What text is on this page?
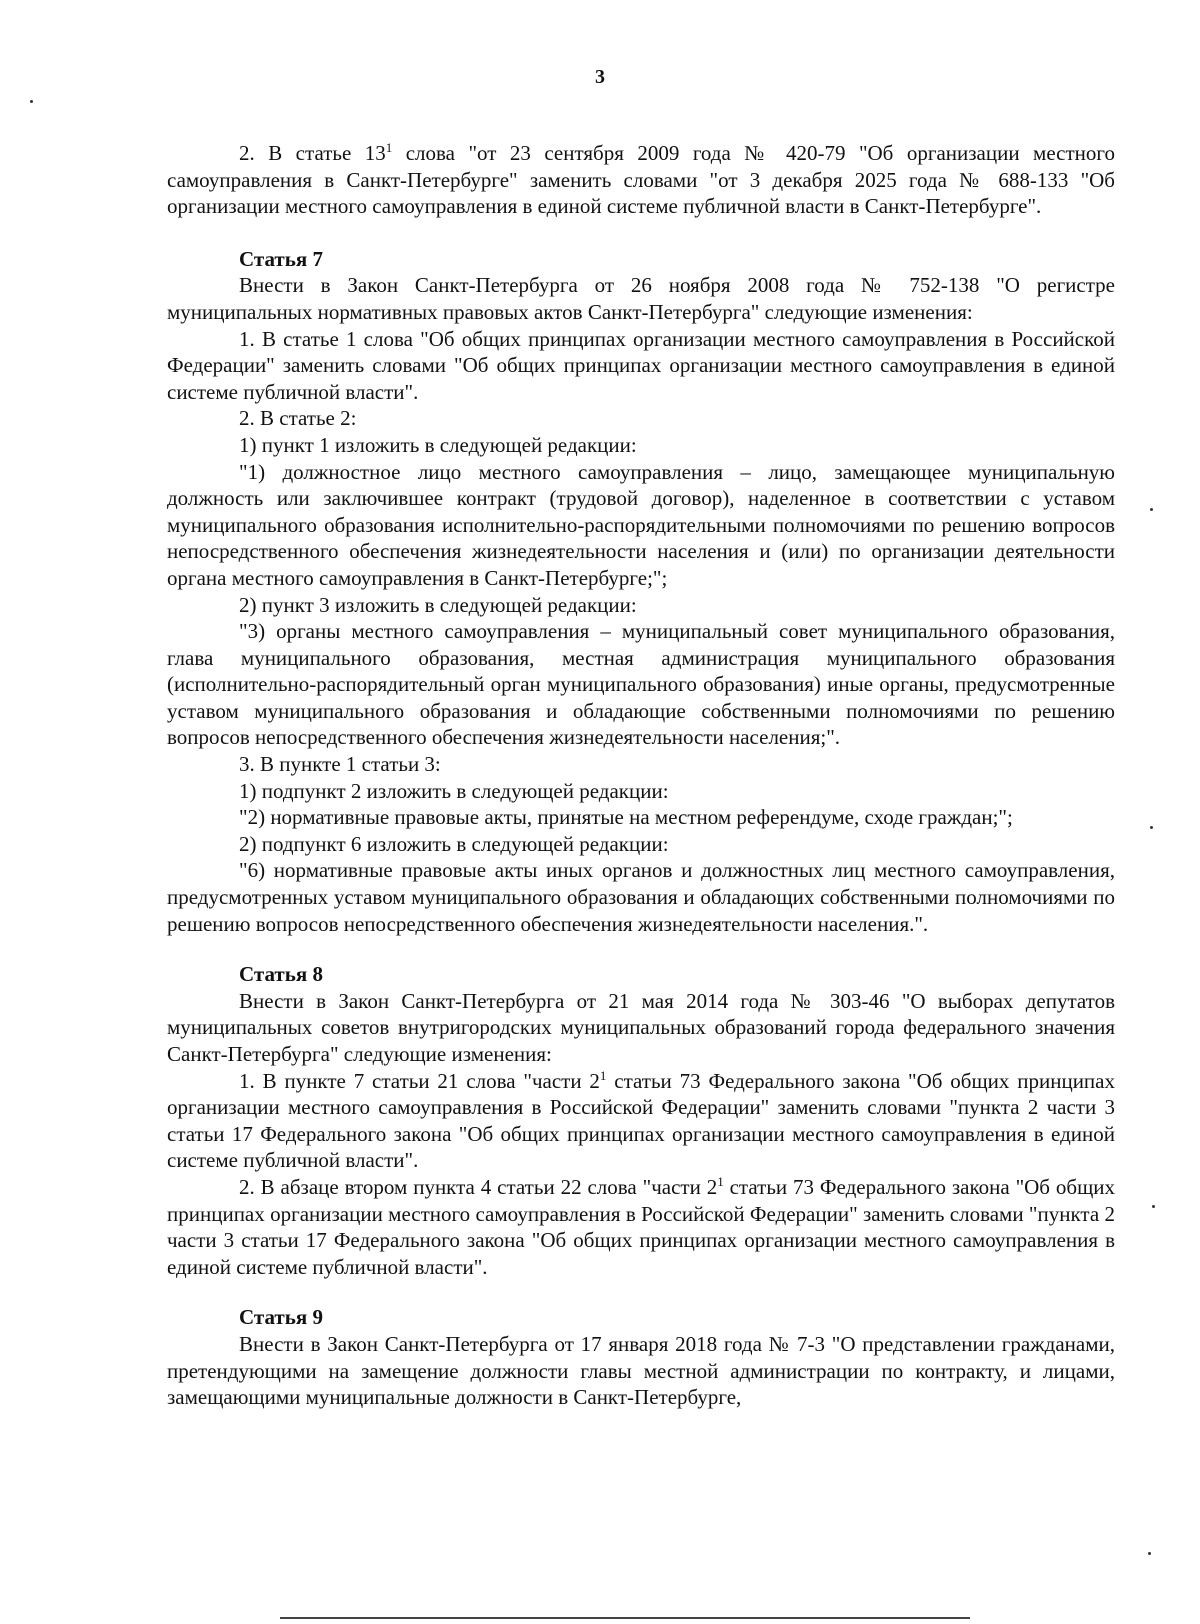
3

2. В статье $13^1$ слова "от 23 сентября 2009 года № 420-79 "Об организации местного самоуправления в Санкт-Петербурге" заменить словами "от 3 декабря 2025 года № 688-133 "Об организации местного самоуправления в единой системе публичной власти в Санкт-Петербурге".

Статья 7

Внести в Закон Санкт-Петербурга от 26 ноября 2008 года № 752-138 "О регистре муниципальных нормативных правовых актов Санкт-Петербурга" следующие изменения:

1. В статье 1 слова "Об общих принципах организации местного самоуправления в Российской Федерации" заменить словами "Об общих принципах организации местного самоуправления в единой системе публичной власти".

2. В статье 2:

1) пункт 1 изложить в следующей редакции:

"1) должностное лицо местного самоуправления – лицо, замещающее муниципальную должность или заключившее контракт (трудовой договор), наделенное в соответствии с уставом муниципального образования исполнительно-распорядительными полномочиями по решению вопросов непосредственного обеспечения жизнедеятельности населения и (или) по организации деятельности органа местного самоуправления в Санкт-Петербурге;";

2) пункт 3 изложить в следующей редакции:

"3) органы местного самоуправления – муниципальный совет муниципального образования, глава муниципального образования, местная администрация муниципального образования (исполнительно-распорядительный орган муниципального образования) иные органы, предусмотренные уставом муниципального образования и обладающие собственными полномочиями по решению вопросов непосредственного обеспечения жизнедеятельности населения;".

3. В пункте 1 статьи 3:

1) подпункт 2 изложить в следующей редакции:

"2) нормативные правовые акты, принятые на местном референдуме, сходе граждан;";

2) подпункт 6 изложить в следующей редакции:

"6) нормативные правовые акты иных органов и должностных лиц местного самоуправления, предусмотренных уставом муниципального образования и обладающих собственными полномочиями по решению вопросов непосредственного обеспечения жизнедеятельности населения.".

Статья 8

Внести в Закон Санкт-Петербурга от 21 мая 2014 года № 303-46 "О выборах депутатов муниципальных советов внутригородских муниципальных образований города федерального значения Санкт-Петербурга" следующие изменения:

1. В пункте 7 статьи 21 слова "части $2^1$ статьи 73 Федерального закона "Об общих принципах организации местного самоуправления в Российской Федерации" заменить словами "пункта 2 части 3 статьи 17 Федерального закона "Об общих принципах организации местного самоуправления в единой системе публичной власти".

2. В абзаце втором пункта 4 статьи 22 слова "части $2^1$ статьи 73 Федерального закона "Об общих принципах организации местного самоуправления в Российской Федерации" заменить словами "пункта 2 части 3 статьи 17 Федерального закона "Об общих принципах организации местного самоуправления в единой системе публичной власти".

Статья 9

Внести в Закон Санкт-Петербурга от 17 января 2018 года № 7-3 "О представлении гражданами, претендующими на замещение должности главы местной администрации по контракту, и лицами, замещающими муниципальные должности в Санкт-Петербурге,
